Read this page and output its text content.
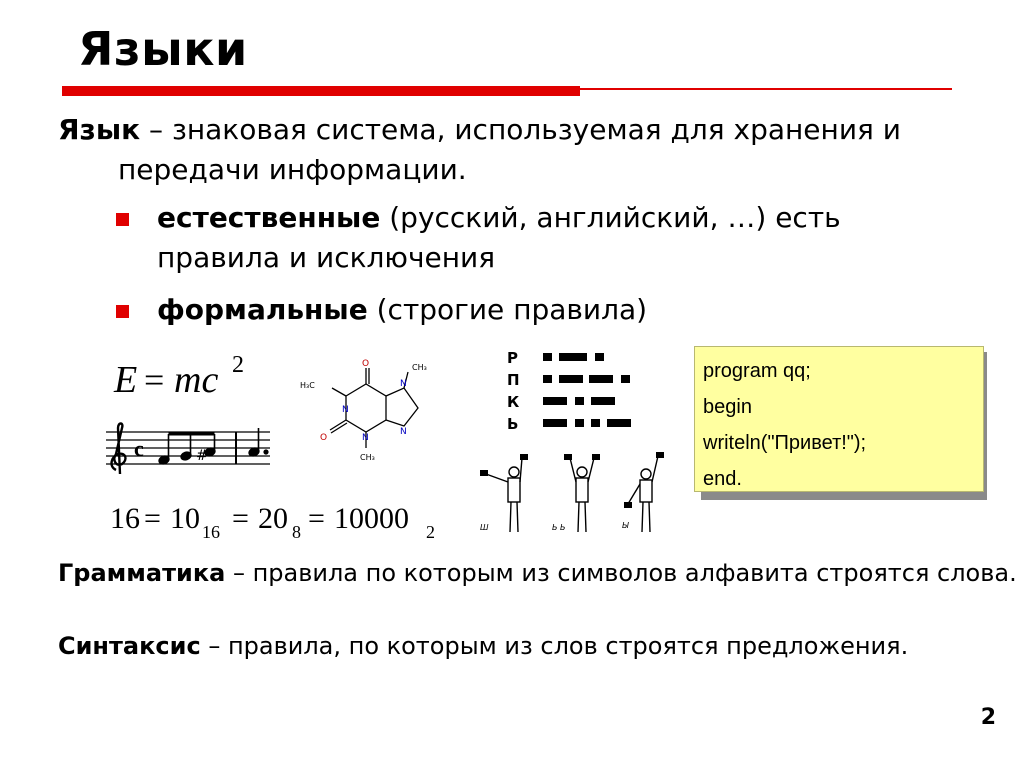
Языки
Язык – знаковая система, используемая для хранения и передачи информации.
естественные (русский, английский, …) есть правила и исключения
формальные (строгие правила)
E = mc 2
c	#
16 = 10 16 = 20 8 = 10000 2
O
O
N
N
N
N
H₃C
CH₃
CH₃
Р
П
К
Ь
Ш	Ь Ь	Ы
program qq;
begin
writeln("Привет!");
end.
Грамматика – правила по которым из символов алфавита строятся слова.
Синтаксис – правила, по которым из слов строятся предложения.
2
